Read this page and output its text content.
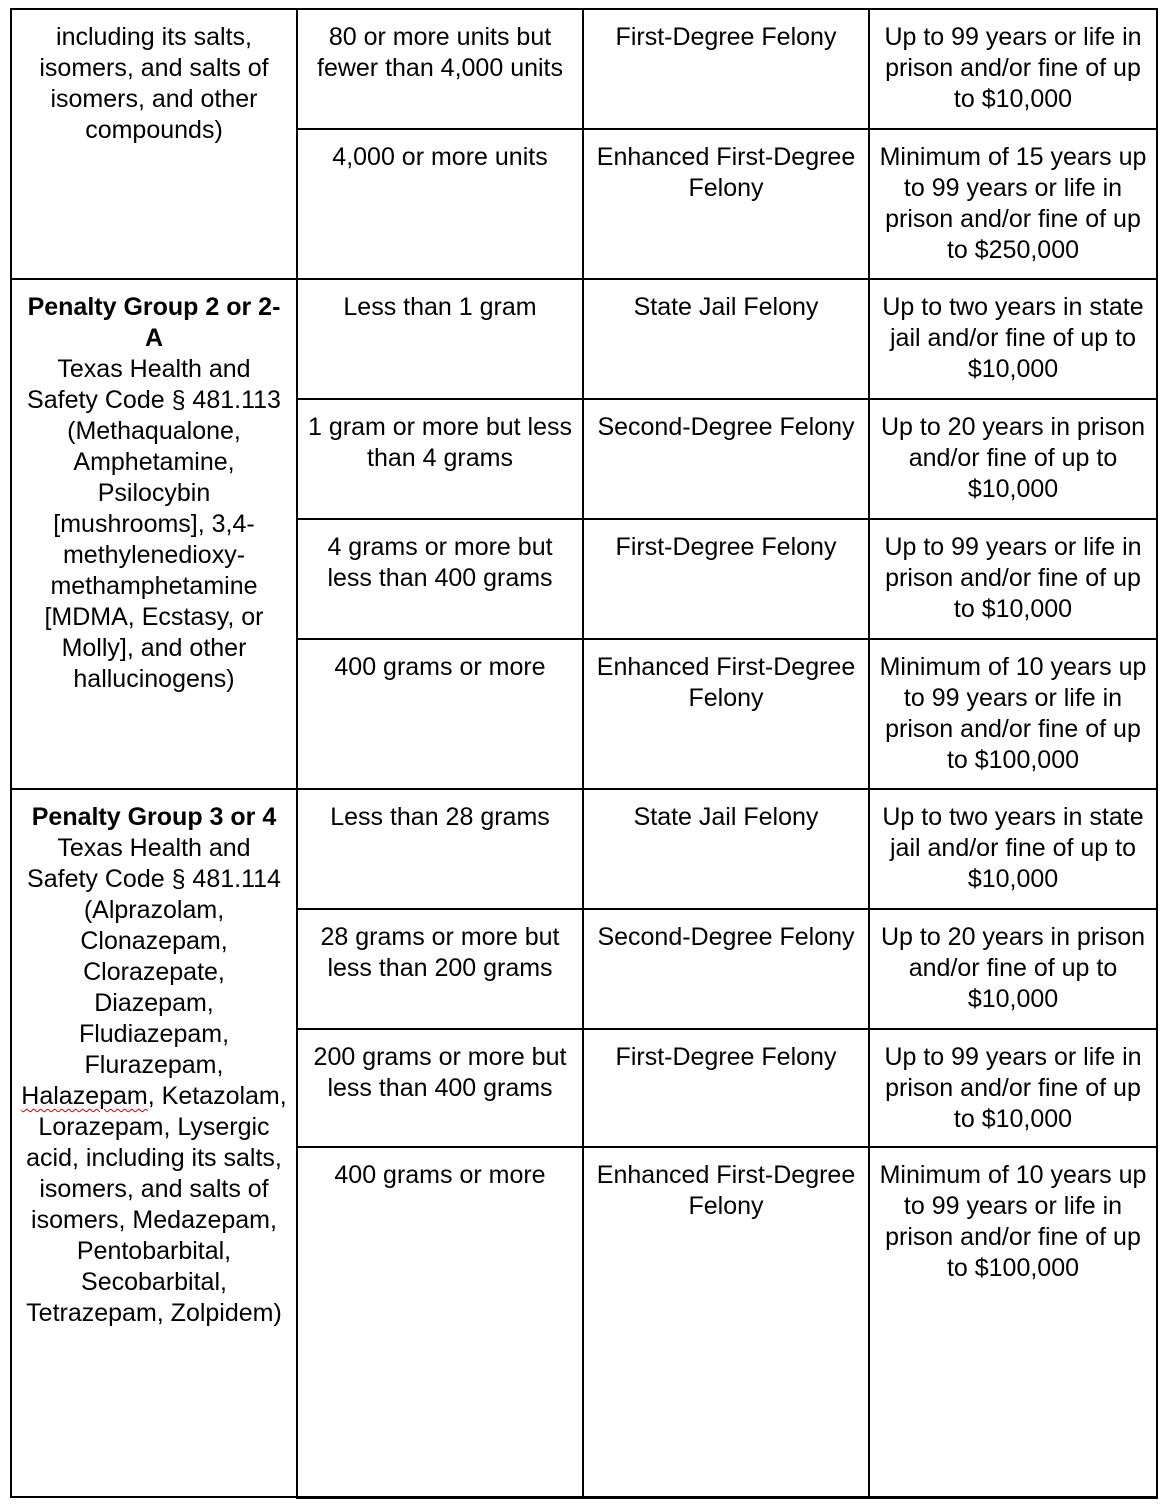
including its salts, isomers, and salts of isomers, and other compounds)	80 or more units but fewer than 4,000 units	First-Degree Felony	Up to 99 years or life in prison and/or fine of up to $10,000
	4,000 or more units	Enhanced First-Degree Felony	Minimum of 15 years up to 99 years or life in prison and/or fine of up to $250,000

Penalty Group 2 or 2-A
Texas Health and Safety Code § 481.113
(Methaqualone, Amphetamine, Psilocybin [mushrooms], 3,4-methylenedioxy-methamphetamine [MDMA, Ecstasy, or Molly], and other hallucinogens)	Less than 1 gram	State Jail Felony	Up to two years in state jail and/or fine of up to $10,000
	1 gram or more but less than 4 grams	Second-Degree Felony	Up to 20 years in prison and/or fine of up to $10,000
	4 grams or more but less than 400 grams	First-Degree Felony	Up to 99 years or life in prison and/or fine of up to $10,000
	400 grams or more	Enhanced First-Degree Felony	Minimum of 10 years up to 99 years or life in prison and/or fine of up to $100,000

Penalty Group 3 or 4
Texas Health and Safety Code § 481.114
(Alprazolam, Clonazepam, Clorazepate, Diazepam, Fludiazepam, Flurazepam, Halazepam, Ketazolam, Lorazepam, Lysergic acid, including its salts, isomers, and salts of isomers, Medazepam, Pentobarbital, Secobarbital, Tetrazepam, Zolpidem)	Less than 28 grams	State Jail Felony	Up to two years in state jail and/or fine of up to $10,000
	28 grams or more but less than 200 grams	Second-Degree Felony	Up to 20 years in prison and/or fine of up to $10,000
	200 grams or more but less than 400 grams	First-Degree Felony	Up to 99 years or life in prison and/or fine of up to $10,000
	400 grams or more	Enhanced First-Degree Felony	Minimum of 10 years up to 99 years or life in prison and/or fine of up to $100,000
